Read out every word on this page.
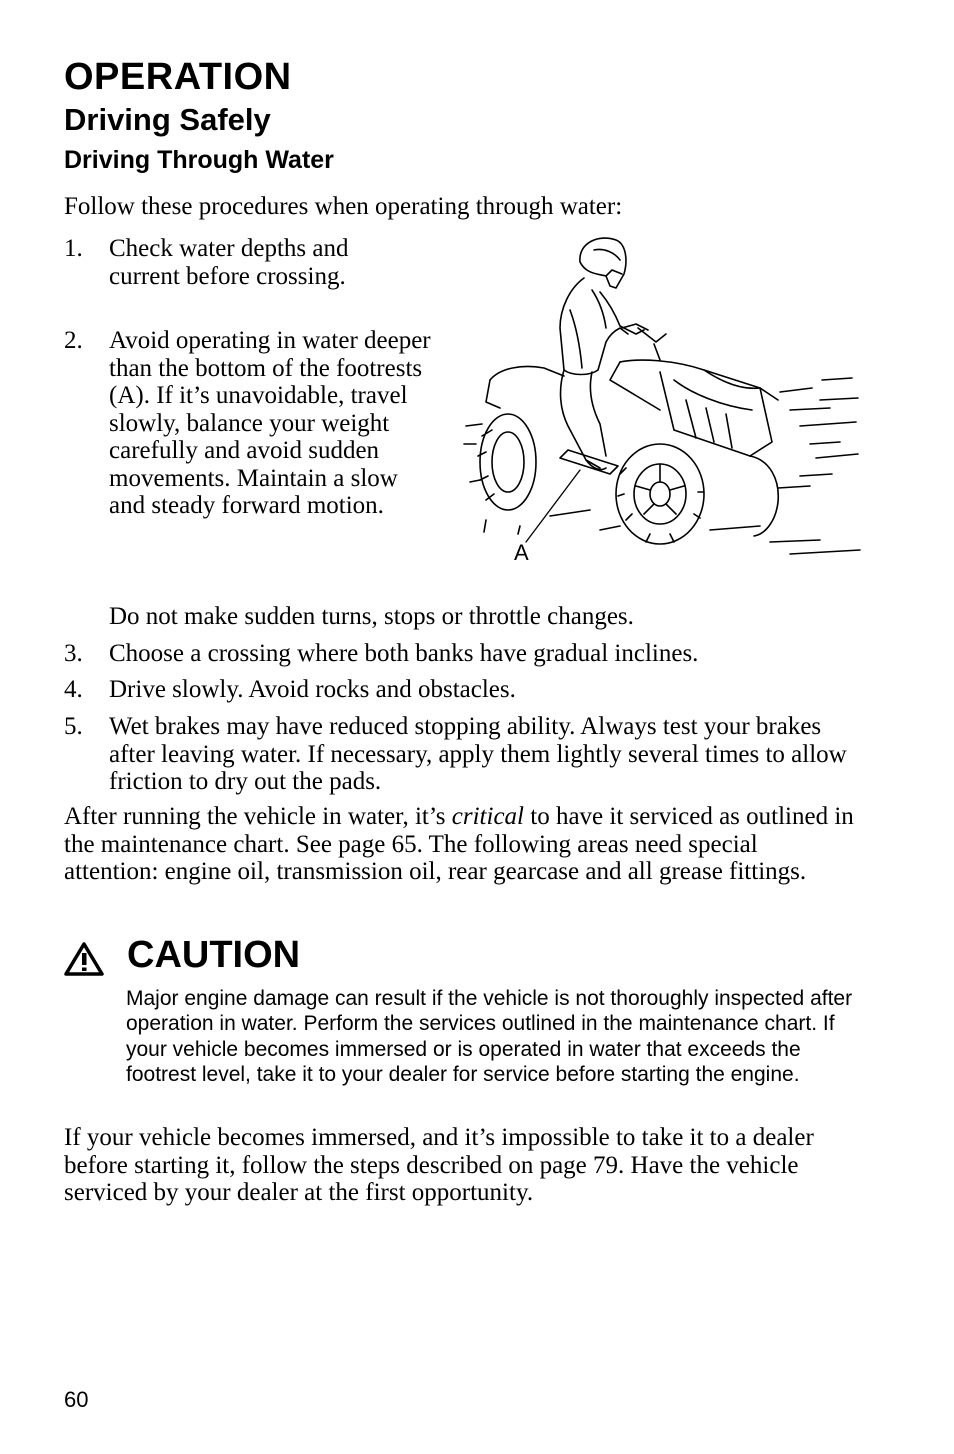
OPERATION
Driving Safely
Driving Through Water
Follow these procedures when operating through water:
1.	Check water depths and current before crossing.
2.	Avoid operating in water deeper than the bottom of the footrests (A). If it’s unavoidable, travel slowly, balance your weight carefully and avoid sudden movements. Maintain a slow and steady forward motion.
Do not make sudden turns, stops or throttle changes.
3.	Choose a crossing where both banks have gradual inclines.
4.	Drive slowly. Avoid rocks and obstacles.
5.	Wet brakes may have reduced stopping ability. Always test your brakes after leaving water. If necessary, apply them lightly several times to allow friction to dry out the pads.
After running the vehicle in water, it’s critical to have it serviced as outlined in the maintenance chart. See page 65. The following areas need special attention: engine oil, transmission oil, rear gearcase and all grease fittings.
CAUTION
Major engine damage can result if the vehicle is not thoroughly inspected after operation in water. Perform the services outlined in the maintenance chart. If your vehicle becomes immersed or is operated in water that exceeds the footrest level, take it to your dealer for service before starting the engine.
If your vehicle becomes immersed, and it’s impossible to take it to a dealer before starting it, follow the steps described on page 79. Have the vehicle serviced by your dealer at the first opportunity.
A
60
